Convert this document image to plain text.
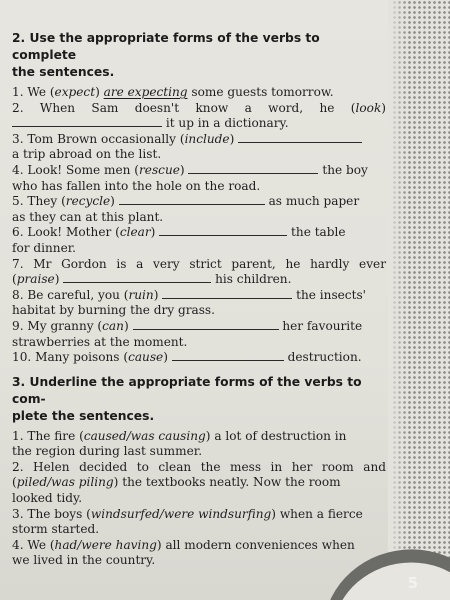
5

2. Use the appropriate forms of the verbs to complete
the sentences.

1. We (expect) are expecting some guests tomorrow.

2. When Sam doesn't know a word, he (look)

it up in a dictionary.

3. Tom Brown occasionally (include)

a trip abroad on the list.

4. Look! Some men (rescue)	the boy

who has fallen into the hole on the road.

5. They (recycle)	as much paper

as they can at this plant.

6. Look! Mother (clear)	the table

for dinner.

7. Mr Gordon is a very strict parent, he hardly ever

(praise)	his children.

8. Be careful, you (ruin)	the insects'

habitat by burning the dry grass.

9. My granny (can)	her favourite

strawberries at the moment.

10. Many poisons (cause)	destruction.

3. Underline the appropriate forms of the verbs to com-
plete the sentences.

1. The fire (caused/was causing) a lot of destruction in

the region during last summer.

2. Helen decided to clean the mess in her room and

(piled/was piling) the textbooks neatly. Now the room

looked tidy.

3. The boys (windsurfed/were windsurfing) when a fierce

storm started.

4. We (had/were having) all modern conveniences when

we lived in the country.
